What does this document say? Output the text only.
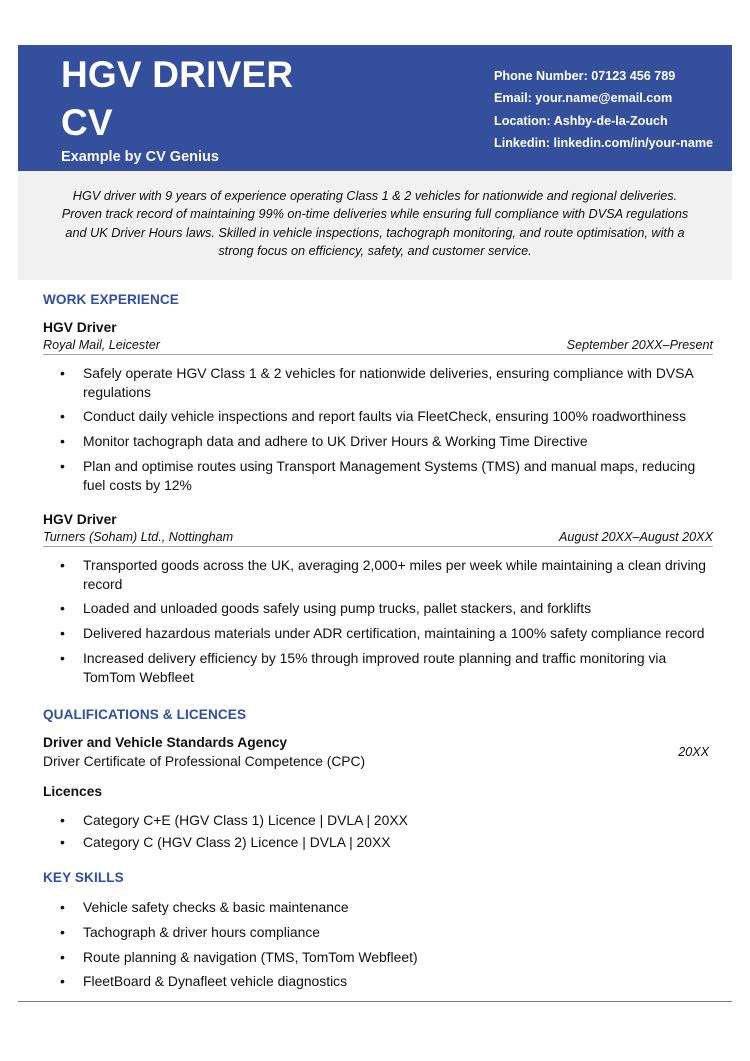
HGV DRIVER
CV
Example by CV Genius
Phone Number: 07123 456 789
Email: your.name@email.com
Location: Ashby-de-la-Zouch
Linkedin: linkedin.com/in/your-name
HGV driver with 9 years of experience operating Class 1 & 2 vehicles for nationwide and regional deliveries. Proven track record of maintaining 99% on-time deliveries while ensuring full compliance with DVSA regulations and UK Driver Hours laws. Skilled in vehicle inspections, tachograph monitoring, and route optimisation, with a strong focus on efficiency, safety, and customer service.
WORK EXPERIENCE
HGV Driver
Royal Mail, Leicester	September 20XX–Present
• Safely operate HGV Class 1 & 2 vehicles for nationwide deliveries, ensuring compliance with DVSA regulations
• Conduct daily vehicle inspections and report faults via FleetCheck, ensuring 100% roadworthiness
• Monitor tachograph data and adhere to UK Driver Hours & Working Time Directive
• Plan and optimise routes using Transport Management Systems (TMS) and manual maps, reducing fuel costs by 12%
HGV Driver
Turners (Soham) Ltd., Nottingham	August 20XX–August 20XX
• Transported goods across the UK, averaging 2,000+ miles per week while maintaining a clean driving record
• Loaded and unloaded goods safely using pump trucks, pallet stackers, and forklifts
• Delivered hazardous materials under ADR certification, maintaining a 100% safety compliance record
• Increased delivery efficiency by 15% through improved route planning and traffic monitoring via TomTom Webfleet
QUALIFICATIONS & LICENCES
Driver and Vehicle Standards Agency
Driver Certificate of Professional Competence (CPC)
20XX
Licences
• Category C+E (HGV Class 1) Licence | DVLA | 20XX
• Category C (HGV Class 2) Licence | DVLA | 20XX
KEY SKILLS
• Vehicle safety checks & basic maintenance
• Tachograph & driver hours compliance
• Route planning & navigation (TMS, TomTom Webfleet)
• FleetBoard & Dynafleet vehicle diagnostics
